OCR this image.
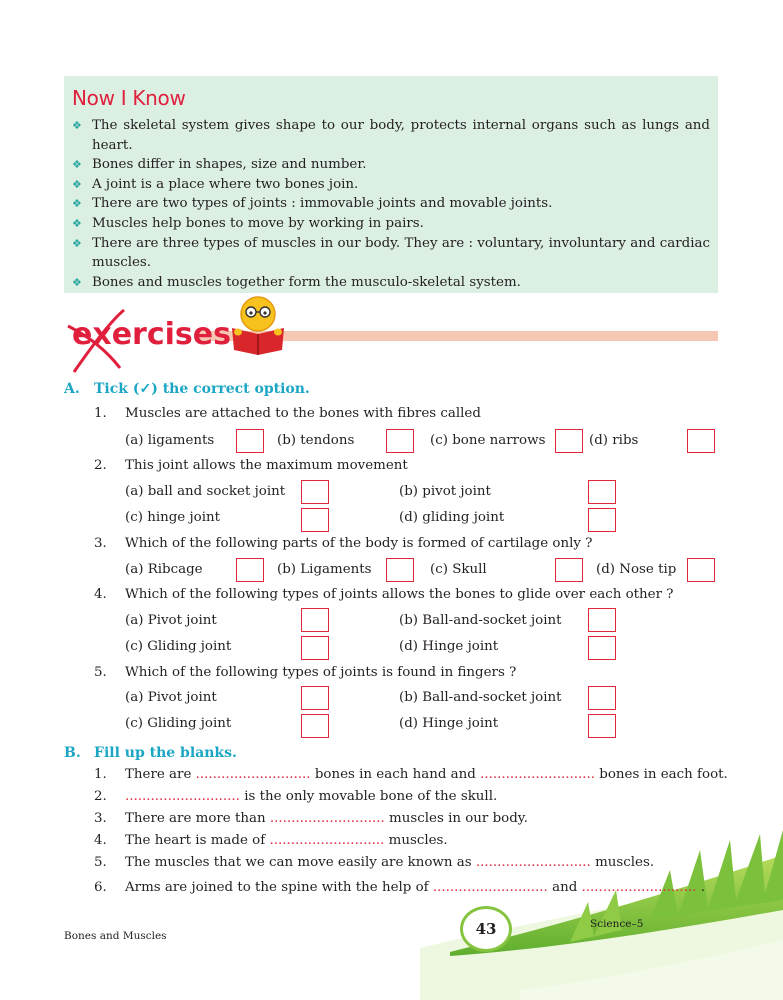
Now I Know
❖ The skeletal system gives shape to our body, protects internal organs such as lungs and heart.
❖ Bones differ in shapes, size and number.
❖ A joint is a place where two bones join.
❖ There are two types of joints : immovable joints and movable joints.
❖ Muscles help bones to move by working in pairs.
❖ There are three types of muscles in our body. They are : voluntary, involuntary and cardiac muscles.
❖ Bones and muscles together form the musculo-skeletal system.
exercises
A. Tick (✓) the correct option.
1. Muscles are attached to the bones with fibres called
(a) ligaments	(b) tendons	(c) bone narrows	(d) ribs
2. This joint allows the maximum movement
(a) ball and socket joint	(b) pivot joint
(c) hinge joint	(d) gliding joint
3. Which of the following parts of the body is formed of cartilage only ?
(a) Ribcage	(b) Ligaments	(c) Skull	(d) Nose tip
4. Which of the following types of joints allows the bones to glide over each other ?
(a) Pivot joint	(b) Ball-and-socket joint
(c) Gliding joint	(d) Hinge joint
5. Which of the following types of joints is found in fingers ?
(a) Pivot joint	(b) Ball-and-socket joint
(c) Gliding joint	(d) Hinge joint
B. Fill up the blanks.
1. There are ........................... bones in each hand and ........................... bones in each foot.
2. ........................... is the only movable bone of the skull.
3. There are more than ........................... muscles in our body.
4. The heart is made of ........................... muscles.
5. The muscles that we can move easily are known as ........................... muscles.
6. Arms are joined to the spine with the help of ........................... and ........................... .
Bones and Muscles	43	Science–5
